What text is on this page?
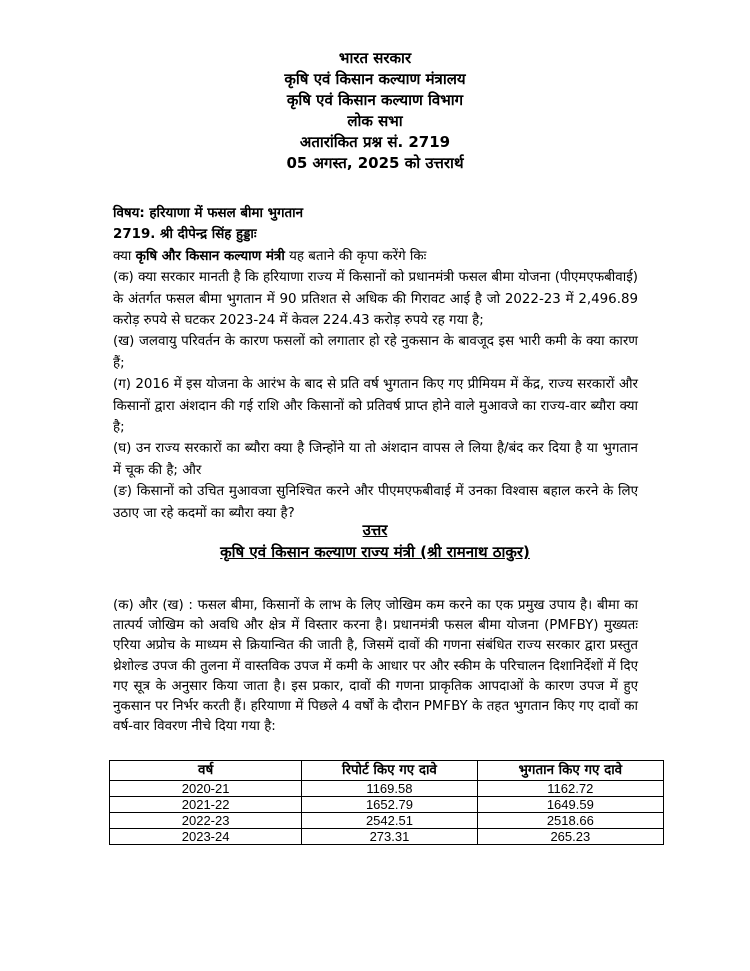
भारत सरकार
कृषि एवं किसान कल्याण मंत्रालय
कृषि एवं किसान कल्याण विभाग
लोक सभा
अतारांकित प्रश्न सं. 2719
05 अगस्त, 2025 को उत्तरार्थ

विषय: हरियाणा में फसल बीमा भुगतान

2719. श्री दीपेन्द्र सिंह हुड्डाः

क्या कृषि और किसान कल्याण मंत्री यह बताने की कृपा करेंगे किः

(क) क्या सरकार मानती है कि हरियाणा राज्य में किसानों को प्रधानमंत्री फसल बीमा योजना (पीएमएफबीवाई) के अंतर्गत फसल बीमा भुगतान में 90 प्रतिशत से अधिक की गिरावट आई है जो 2022-23 में 2,496.89 करोड़ रुपये से घटकर 2023-24 में केवल 224.43 करोड़ रुपये रह गया है;

(ख) जलवायु परिवर्तन के कारण फसलों को लगातार हो रहे नुकसान के बावजूद इस भारी कमी के क्या कारण हैं;

(ग) 2016 में इस योजना के आरंभ के बाद से प्रति वर्ष भुगतान किए गए प्रीमियम में केंद्र, राज्य सरकारों और किसानों द्वारा अंशदान की गई राशि और किसानों को प्रतिवर्ष प्राप्त होने वाले मुआवजे का राज्य-वार ब्यौरा क्या है;

(घ) उन राज्य सरकारों का ब्यौरा क्या है जिन्होंने या तो अंशदान वापस ले लिया है/बंद कर दिया है या भुगतान में चूक की है; और

(ङ) किसानों को उचित मुआवजा सुनिश्चित करने और पीएमएफबीवाई में उनका विश्वास बहाल करने के लिए उठाए जा रहे कदमों का ब्यौरा क्या है?

उत्तर
कृषि एवं किसान कल्याण राज्य मंत्री (श्री रामनाथ ठाकुर)

(क) और (ख) : फसल बीमा, किसानों के लाभ के लिए जोखिम कम करने का एक प्रमुख उपाय है। बीमा का तात्पर्य जोखिम को अवधि और क्षेत्र में विस्तार करना है। प्रधानमंत्री फसल बीमा योजना (PMFBY) मुख्यतः एरिया अप्रोच के माध्यम से क्रियान्वित की जाती है, जिसमें दावों की गणना संबंधित राज्य सरकार द्वारा प्रस्तुत थ्रेशोल्ड उपज की तुलना में वास्तविक उपज में कमी के आधार पर और स्कीम के परिचालन दिशानिर्देशों में दिए गए सूत्र के अनुसार किया जाता है। इस प्रकार, दावों की गणना प्राकृतिक आपदाओं के कारण उपज में हुए नुकसान पर निर्भर करती हैं। हरियाणा में पिछले 4 वर्षों के दौरान PMFBY के तहत भुगतान किए गए दावों का वर्ष-वार विवरण नीचे दिया गया है:

वर्ष	रिपोर्ट किए गए दावे	भुगतान किए गए दावे
2020-21	1169.58	1162.72
2021-22	1652.79	1649.59
2022-23	2542.51	2518.66
2023-24	273.31	265.23
